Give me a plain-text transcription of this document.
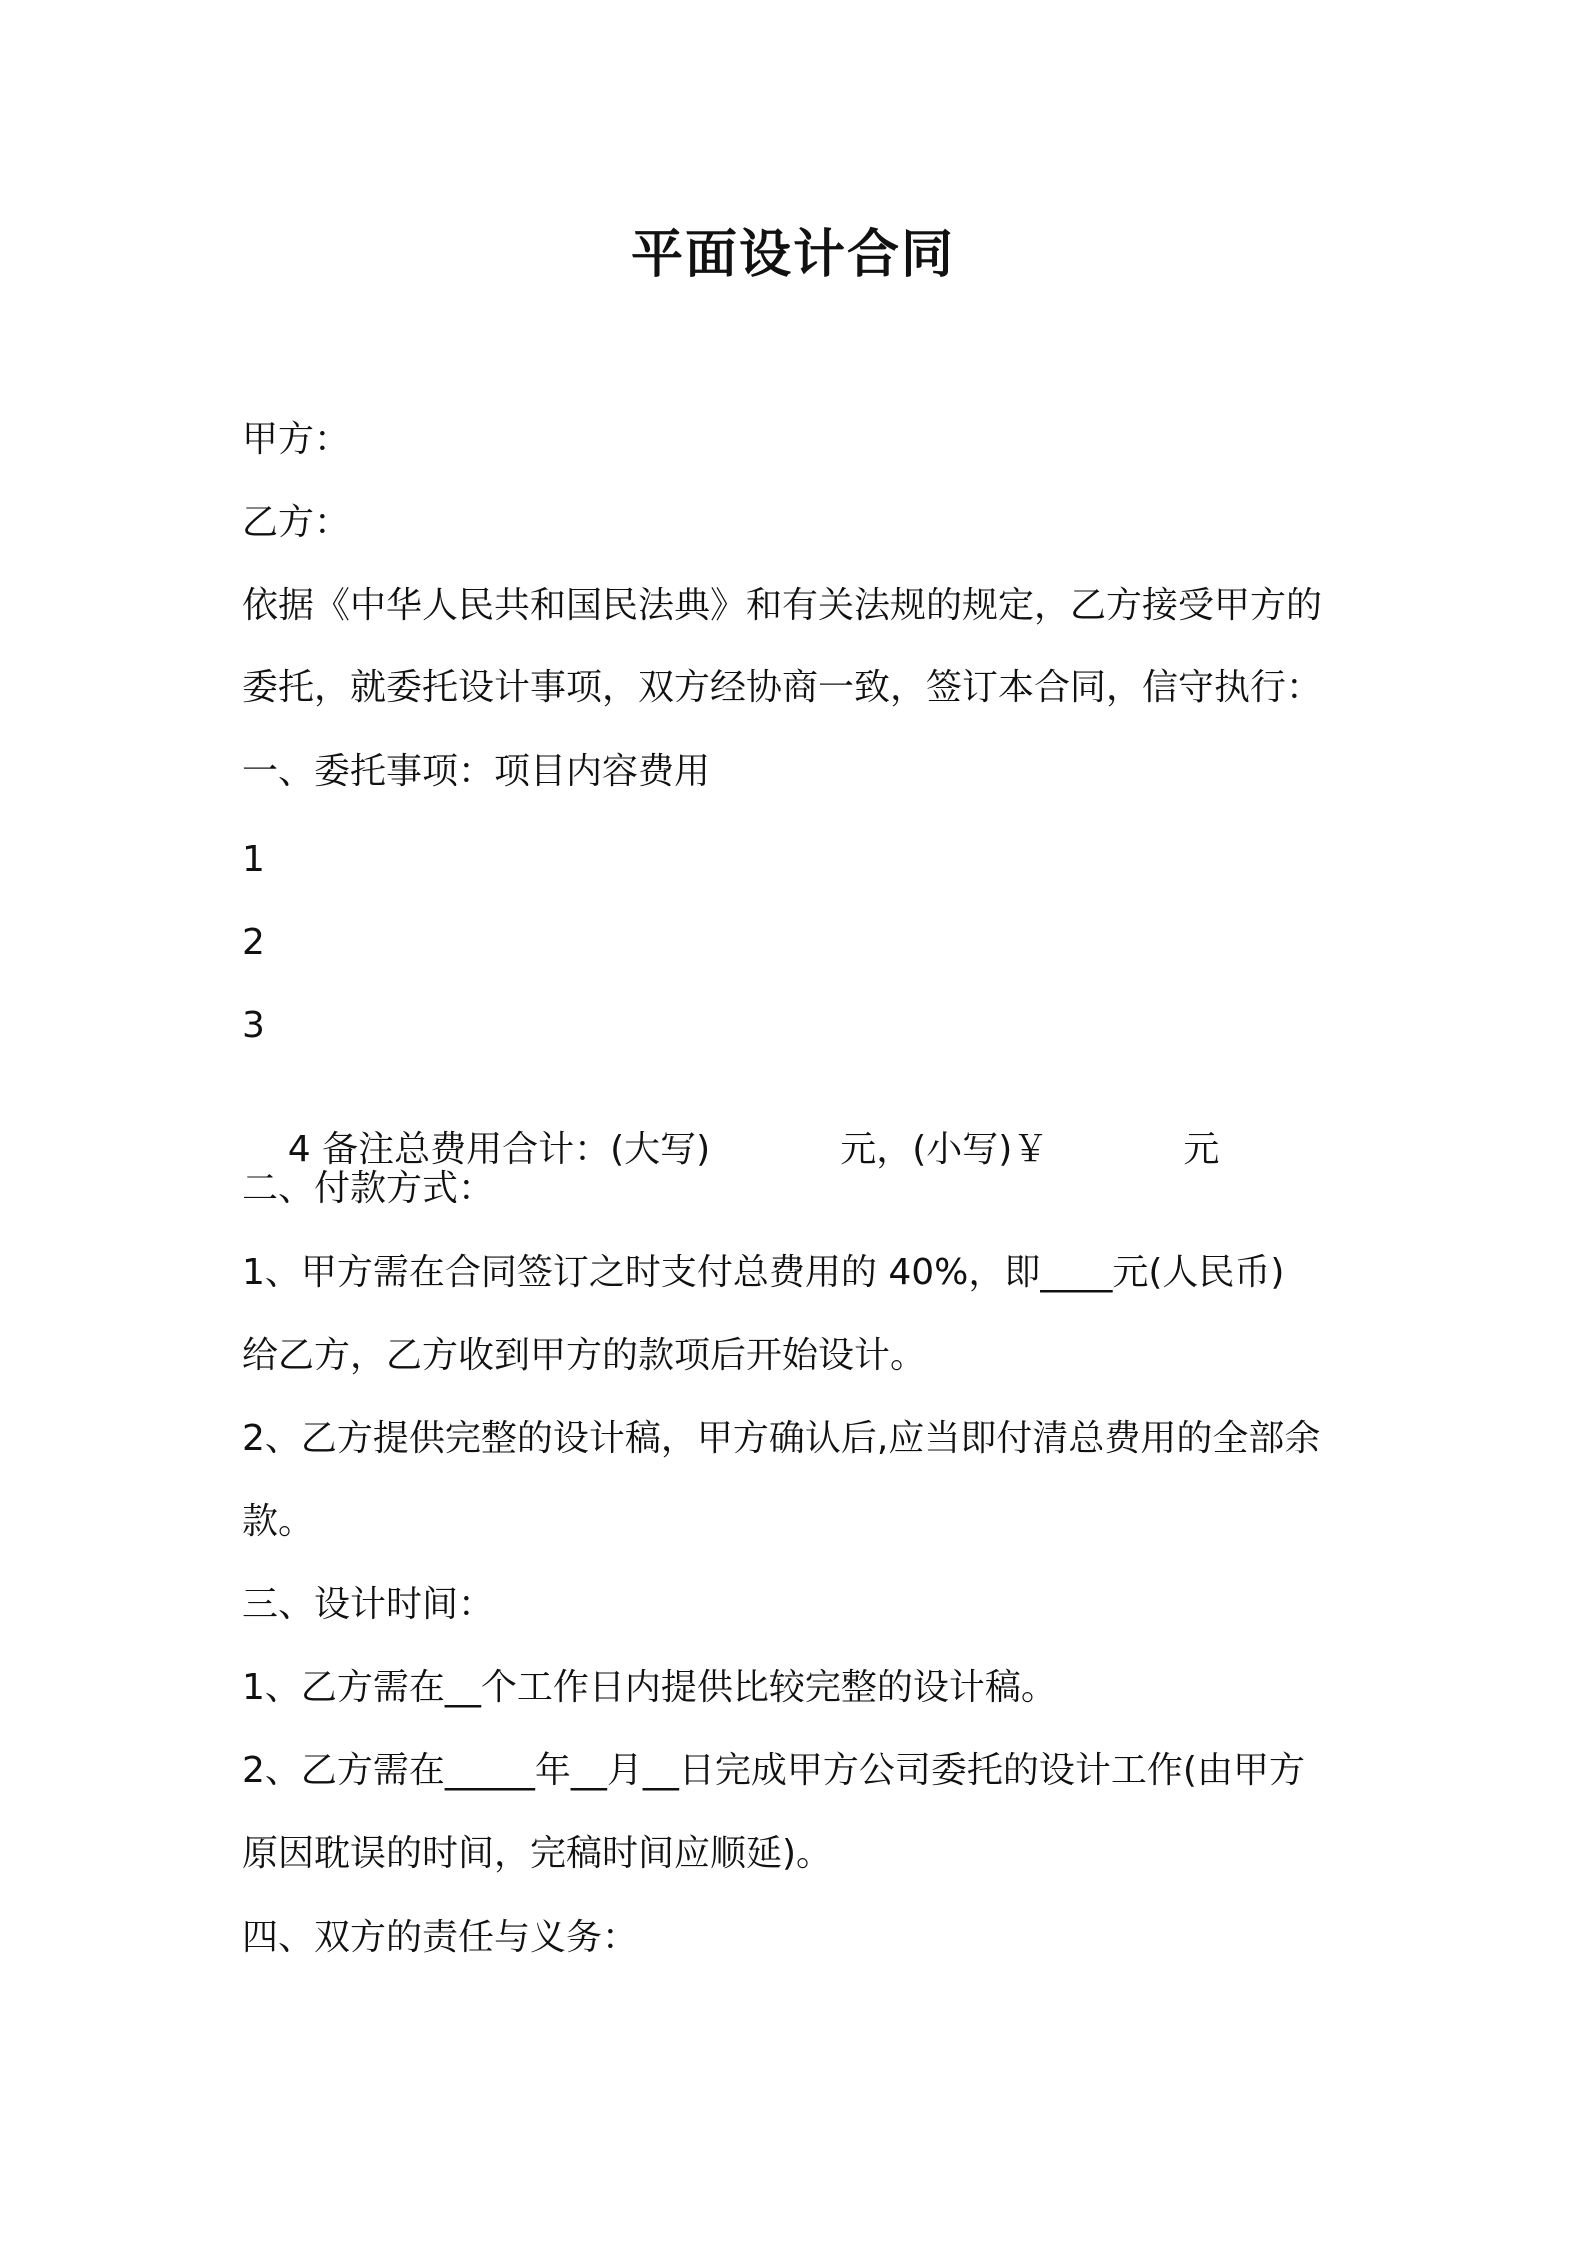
平面设计合同
甲方：
乙方：
依据《中华人民共和国民法典》和有关法规的规定，乙方接受甲方的
委托，就委托设计事项，双方经协商一致，签订本合同，信守执行：
一、委托事项：项目内容费用
1
2
3

4 备注总费用合计：(大写)	元，(小写)￥	元

二、付款方式：
1、甲方需在合同签订之时支付总费用的 40%，即____元(人民币)
给乙方，乙方收到甲方的款项后开始设计。
2、乙方提供完整的设计稿，甲方确认后,应当即付清总费用的全部余
款。
三、设计时间：
1、乙方需在__个工作日内提供比较完整的设计稿。
2、乙方需在_____年__月__日完成甲方公司委托的设计工作(由甲方
原因耽误的时间，完稿时间应顺延)。
四、双方的责任与义务：
